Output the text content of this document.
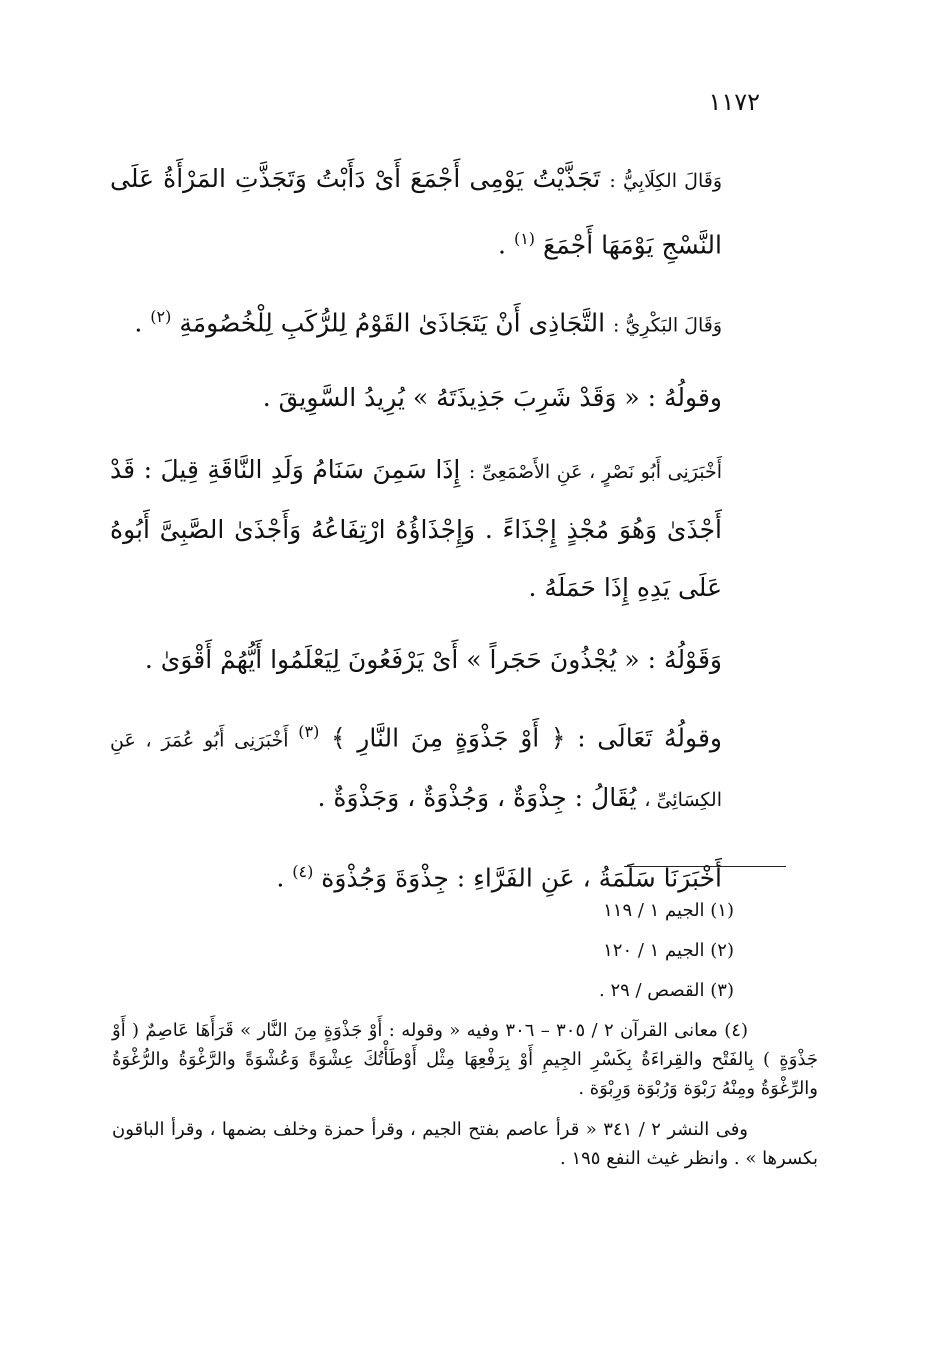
١١٧٢

وَقَالَ الكِلَابِيُّ : تَجَذَّيْتُ يَوْمِى أَجْمَعَ أَىْ دَأَبْتُ وَتَجَذَّتِ المَرْأَةُ عَلَى النَّسْجِ يَوْمَهَا أَجْمَعَ $^{(١)}$ .

وَقَالَ البَكْرِيُّ : التَّجَاذِى أَنْ يَتَجَاذَىٰ القَوْمُ لِلرُّكَبِ لِلْخُصُومَةِ $^{(٢)}$ .

وقولُهُ : « وَقَدْ شَرِبَ جَذِيذَتَهُ » يُرِيدُ السَّوِيقَ .

أَخْبَرَنِى أَبُو نَصْرٍ ، عَنِ الأَصْمَعِىِّ : إِذَا سَمِنَ سَنَامُ وَلَدِ النَّاقَةِ قِيلَ : قَدْ أَجْذَىٰ وَهُوَ مُجْذٍ إِجْذَاءً . وَإِجْذَاؤُهُ ارْتِفَاعُهُ وَأَجْذَىٰ الصَّبِىَّ أَبُوهُ عَلَى يَدِهِ إِذَا حَمَلَهُ .

وَقَوْلُهُ : « يُجْذُونَ حَجَراً » أَىْ يَرْفَعُونَ لِيَعْلَمُوا أَيُّهُمْ أَقْوَىٰ .

وقولُهُ تَعَالَى : ﴿ أَوْ جَذْوَةٍ مِنَ النَّارِ ﴾ $^{(٣)}$ أَخْبَرَنِى أَبُو عُمَرَ ، عَنِ الكِسَائِىِّ ، يُقَالُ : جِذْوَةٌ ، وَجُذْوَةٌ ، وَجَذْوَةٌ .

أَخْبَرَنَا سَلَمَةُ ، عَنِ الفَرَّاءِ : جِذْوَةَ وَجُذْوَة $^{(٤)}$ .

(١) الجيم ١ / ١١٩

(٢) الجيم ١ / ١٢٠

(٣) القصص / ٢٩ .

(٤) معانى القرآن ٢ / ٣٠٥ – ٣٠٦ وفيه « وقوله : أَوْ جَذْوَةٍ مِنَ النَّار » قَرَأَهَا عَاصِمٌ ( أَوْ جَذْوَةٍ ) بِالفَتْح والقِراءَةُ بِكَسْرِ الجِيمِ أَوْ بِرَفْعِهَا مِثْل أَوْطَأْتُكَ عِشْوَةً وَعُشْوَةً والرَّغْوَةُ والرُّغْوَةُ والرِّغْوَةُ ومِنْهُ رَبْوَة وَرُبْوَة وَرِبْوَة .

وفى النشر ٢ / ٣٤١ « قرأ عاصم بفتح الجيم ، وقرأ حمزة وخلف بضمها ، وقرأ الباقون بكسرها » . وانظر غيث النفع ١٩٥ .
